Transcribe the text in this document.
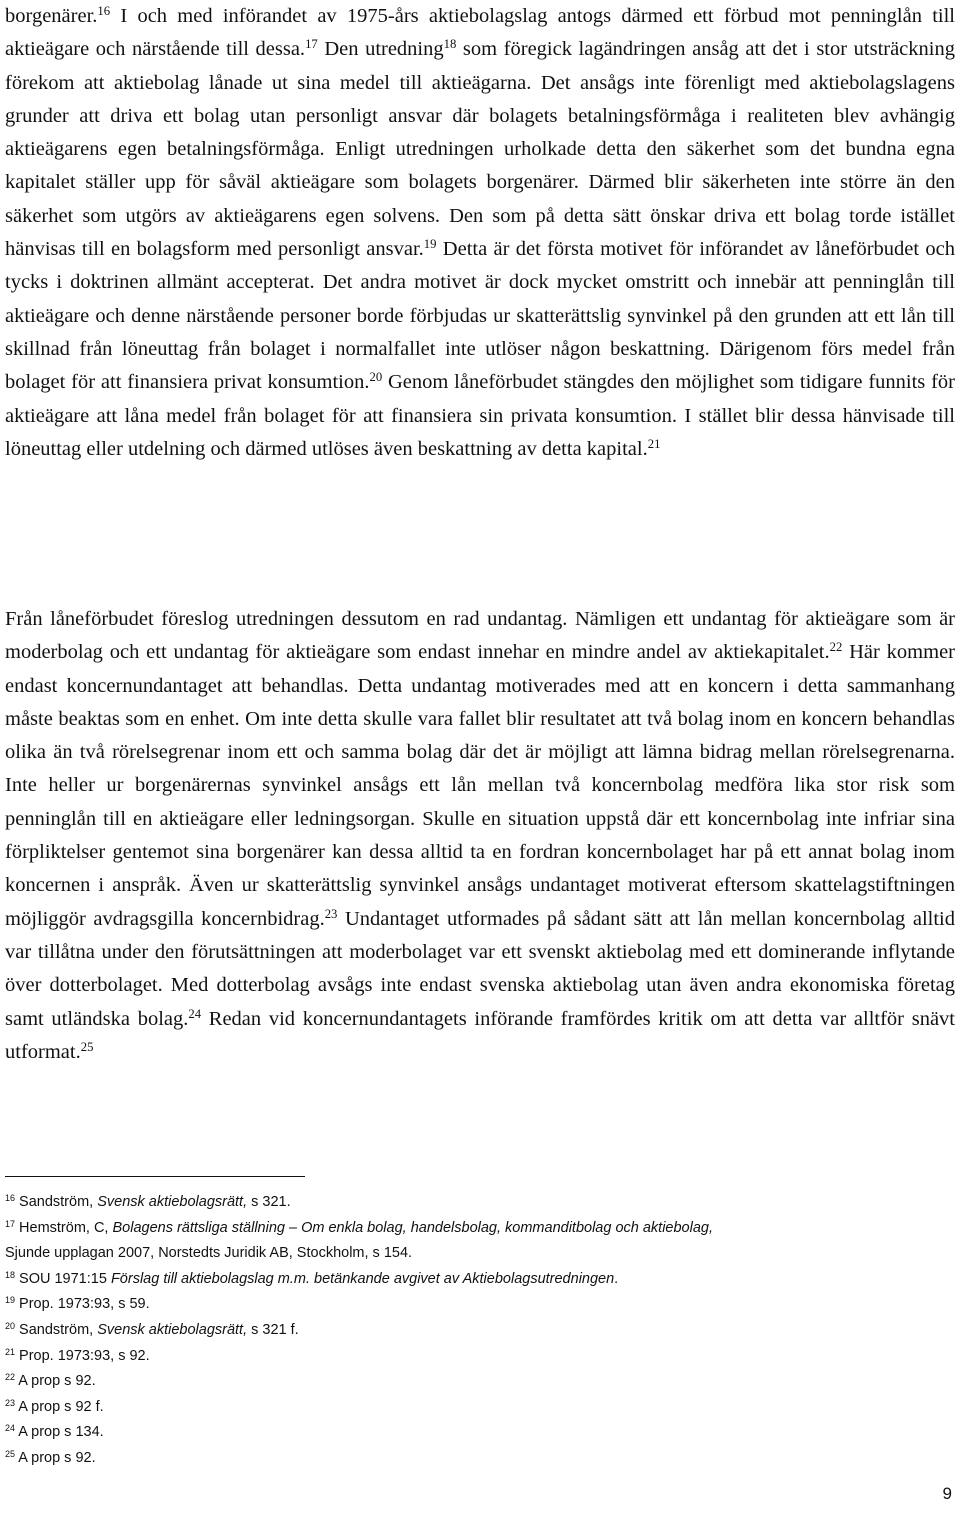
borgenärer.$^{16}$ I och med införandet av 1975-års aktiebolagslag antogs därmed ett förbud mot penninglån till aktieägare och närstående till dessa.$^{17}$ Den utredning$^{18}$ som föregick lagändringen ansåg att det i stor utsträckning förekom att aktiebolag lånade ut sina medel till aktieägarna. Det ansågs inte förenligt med aktiebolagslagens grunder att driva ett bolag utan personligt ansvar där bolagets betalningsförmåga i realiteten blev avhängig aktieägarens egen betalningsförmåga. Enligt utredningen urholkade detta den säkerhet som det bundna egna kapitalet ställer upp för såväl aktieägare som bolagets borgenärer. Därmed blir säkerheten inte större än den säkerhet som utgörs av aktieägarens egen solvens. Den som på detta sätt önskar driva ett bolag torde istället hänvisas till en bolagsform med personligt ansvar.$^{19}$ Detta är det första motivet för införandet av låneförbudet och tycks i doktrinen allmänt accepterat. Det andra motivet är dock mycket omstritt och innebär att penninglån till aktieägare och denne närstående personer borde förbjudas ur skatterättslig synvinkel på den grunden att ett lån till skillnad från löneuttag från bolaget i normalfallet inte utlöser någon beskattning. Därigenom förs medel från bolaget för att finansiera privat konsumtion.$^{20}$ Genom låneförbudet stängdes den möjlighet som tidigare funnits för aktieägare att låna medel från bolaget för att finansiera sin privata konsumtion. I stället blir dessa hänvisade till löneuttag eller utdelning och därmed utlöses även beskattning av detta kapital.$^{21}$
Från låneförbudet föreslog utredningen dessutom en rad undantag. Nämligen ett undantag för aktieägare som är moderbolag och ett undantag för aktieägare som endast innehar en mindre andel av aktiekapitalet.$^{22}$ Här kommer endast koncernundantaget att behandlas. Detta undantag motiverades med att en koncern i detta sammanhang måste beaktas som en enhet. Om inte detta skulle vara fallet blir resultatet att två bolag inom en koncern behandlas olika än två rörelsegrenar inom ett och samma bolag där det är möjligt att lämna bidrag mellan rörelsegrenarna. Inte heller ur borgenärernas synvinkel ansågs ett lån mellan två koncernbolag medföra lika stor risk som penninglån till en aktieägare eller ledningsorgan. Skulle en situation uppstå där ett koncernbolag inte infriar sina förpliktelser gentemot sina borgenärer kan dessa alltid ta en fordran koncernbolaget har på ett annat bolag inom koncernen i anspråk. Även ur skatterättslig synvinkel ansågs undantaget motiverat eftersom skattelagstiftningen möjliggör avdragsgilla koncernbidrag.$^{23}$ Undantaget utformades på sådant sätt att lån mellan koncernbolag alltid var tillåtna under den förutsättningen att moderbolaget var ett svenskt aktiebolag med ett dominerande inflytande över dotterbolaget. Med dotterbolag avsågs inte endast svenska aktiebolag utan även andra ekonomiska företag samt utländska bolag.$^{24}$ Redan vid koncernundantagets införande framfördes kritik om att detta var alltför snävt utformat.$^{25}$
$^{16}$ Sandström, Svensk aktiebolagsrätt, s 321.
$^{17}$ Hemström, C, Bolagens rättsliga ställning – Om enkla bolag, handelsbolag, kommanditbolag och aktiebolag,
Sjunde upplagan 2007, Norstedts Juridik AB, Stockholm, s 154.
$^{18}$ SOU 1971:15 Förslag till aktiebolagslag m.m. betänkande avgivet av Aktiebolagsutredningen.
$^{19}$ Prop. 1973:93, s 59.
$^{20}$ Sandström, Svensk aktiebolagsrätt, s 321 f.
$^{21}$ Prop. 1973:93, s 92.
$^{22}$ A prop s 92.
$^{23}$ A prop s 92 f.
$^{24}$ A prop s 134.
$^{25}$ A prop s 92.
9
